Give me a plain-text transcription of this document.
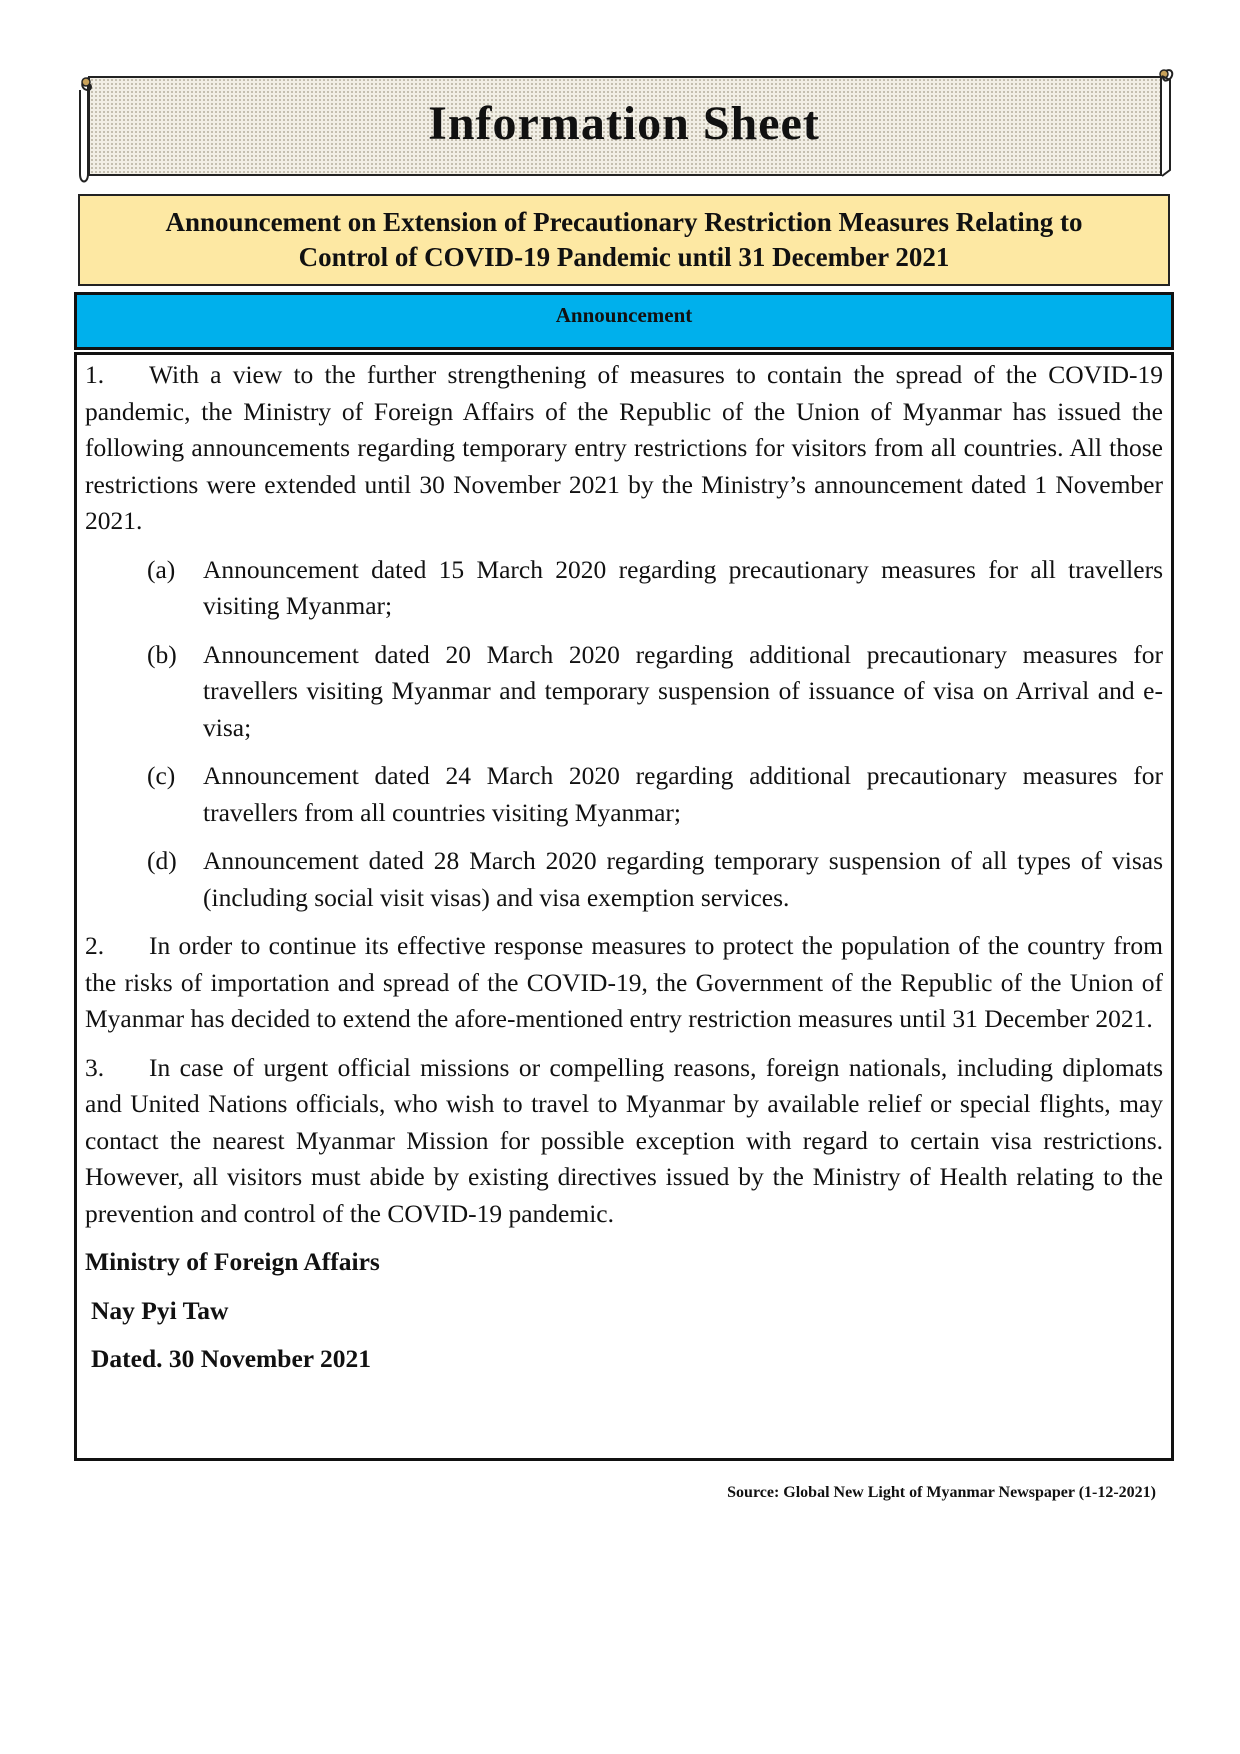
Information Sheet
Announcement on Extension of Precautionary Restriction Measures Relating to
Control of COVID-19 Pandemic until 31 December 2021
Announcement

1. With a view to the further strengthening of measures to contain the spread of the COVID-19 pandemic, the Ministry of Foreign Affairs of the Republic of the Union of Myanmar has issued the following announcements regarding temporary entry restrictions for visitors from all countries. All those restrictions were extended until 30 November 2021 by the Ministry’s announcement dated 1 November 2021.

(a)	Announcement dated 15 March 2020 regarding precautionary measures for all travellers visiting Myanmar;
(b)	Announcement dated 20 March 2020 regarding additional precautionary measures for travellers visiting Myanmar and temporary suspension of issuance of visa on Arrival and e-visa;
(c)	Announcement dated 24 March 2020 regarding additional precautionary measures for travellers from all countries visiting Myanmar;
(d)	Announcement dated 28 March 2020 regarding temporary suspension of all types of visas (including social visit visas) and visa exemption services.

2. In order to continue its effective response measures to protect the population of the country from the risks of importation and spread of the COVID-19, the Government of the Republic of the Union of Myanmar has decided to extend the afore-mentioned entry restriction measures until 31 December 2021.

3. In case of urgent official missions or compelling reasons, foreign nationals, including diplomats and United Nations officials, who wish to travel to Myanmar by available relief or special flights, may contact the nearest Myanmar Mission for possible exception with regard to certain visa restrictions. However, all visitors must abide by existing directives issued by the Ministry of Health relating to the prevention and control of the COVID-19 pandemic.

Ministry of Foreign Affairs

Nay Pyi Taw

Dated. 30 November 2021

Source: Global New Light of Myanmar Newspaper (1-12-2021)
